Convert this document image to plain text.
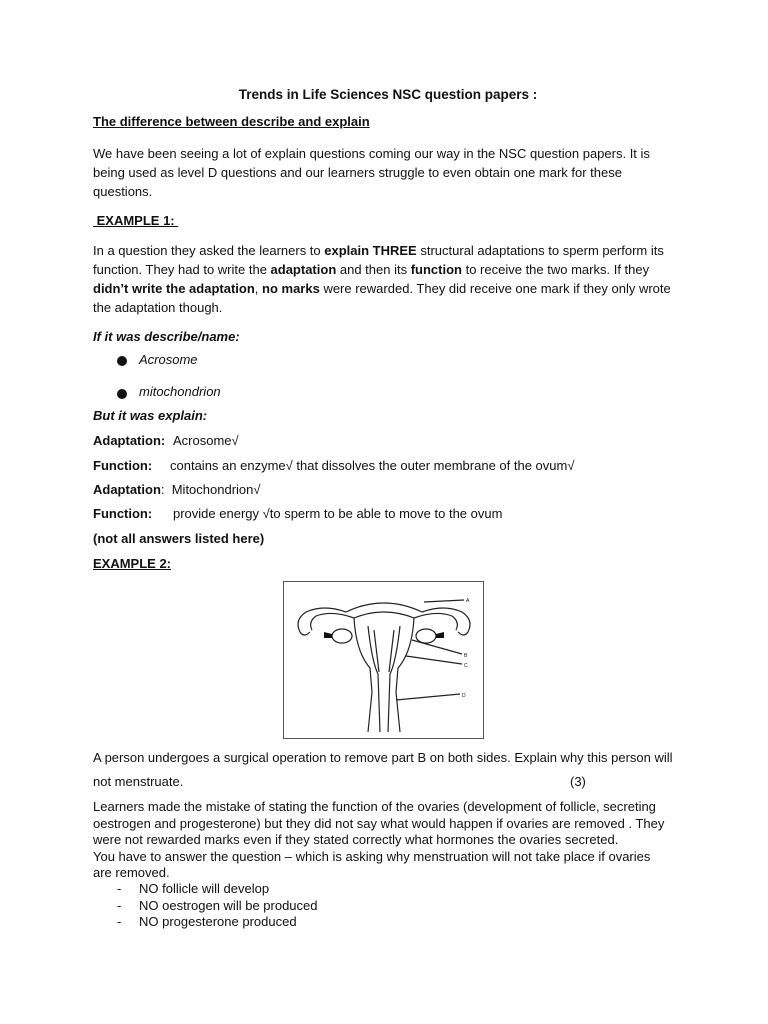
Trends in Life Sciences NSC question papers :
The difference between describe and explain
We have been seeing a lot of explain questions coming our way in the NSC question papers. It is being used as level D questions and our learners struggle to even obtain one mark for these questions.
EXAMPLE 1:
In a question they asked the learners to explain THREE structural adaptations to sperm perform its function. They had to write the adaptation and then its function to receive the two marks. If they didn’t write the adaptation, no marks were rewarded. They did receive one mark if they only wrote the adaptation though.
If it was describe/name:
Acrosome
mitochondrion
But it was explain:
Adaptation: Acrosome√
Function: contains an enzyme√ that dissolves the outer membrane of the ovum√
Adaptation:  Mitochondrion√
Function: provide energy √to sperm to be able to move to the ovum
(not all answers listed here)
EXAMPLE 2:
A
B
C
D
A person undergoes a surgical operation to remove part B on both sides. Explain why this person will
not menstruate.	(3)
Learners made the mistake of stating the function of the ovaries (development of follicle, secreting
oestrogen and progesterone) but they did not say what would happen if ovaries are removed . They
were not rewarded marks even if they stated correctly what hormones the ovaries secreted.
You have to answer the question – which is asking why menstruation will not take place if ovaries
are removed.
- NO follicle will develop
- NO oestrogen will be produced
- NO progesterone produced
